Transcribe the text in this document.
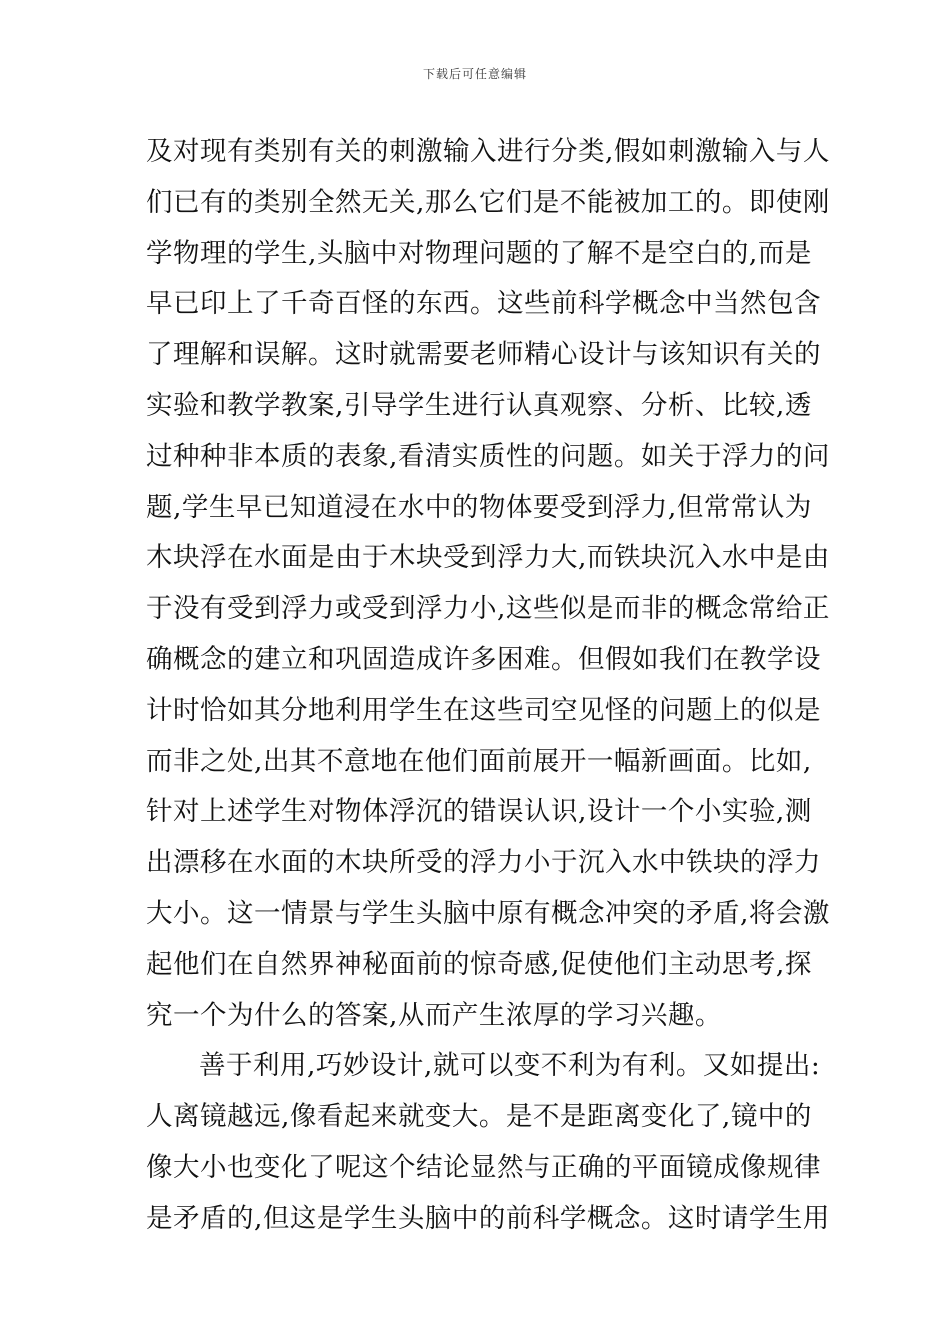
下载后可任意编辑
及对现有类别有关的刺激输入进行分类,假如刺激输入与人
们已有的类别全然无关,那么它们是不能被加工的。即使刚
学物理的学生,头脑中对物理问题的了解不是空白的,而是
早已印上了千奇百怪的东西。这些前科学概念中当然包含
了理解和误解。这时就需要老师精心设计与该知识有关的
实验和教学教案,引导学生进行认真观察、分析、比较,透
过种种非本质的表象,看清实质性的问题。如关于浮力的问
题,学生早已知道浸在水中的物体要受到浮力,但常常认为
木块浮在水面是由于木块受到浮力大,而铁块沉入水中是由
于没有受到浮力或受到浮力小,这些似是而非的概念常给正
确概念的建立和巩固造成许多困难。但假如我们在教学设
计时恰如其分地利用学生在这些司空见怪的问题上的似是
而非之处,出其不意地在他们面前展开一幅新画面。比如,
针对上述学生对物体浮沉的错误认识,设计一个小实验,测
出漂移在水面的木块所受的浮力小于沉入水中铁块的浮力
大小。这一情景与学生头脑中原有概念冲突的矛盾,将会激
起他们在自然界神秘面前的惊奇感,促使他们主动思考,探
究一个为什么的答案,从而产生浓厚的学习兴趣。
善于利用,巧妙设计,就可以变不利为有利。又如提出:
人离镜越远,像看起来就变大。是不是距离变化了,镜中的
像大小也变化了呢这个结论显然与正确的平面镜成像规律
是矛盾的,但这是学生头脑中的前科学概念。这时请学生用
